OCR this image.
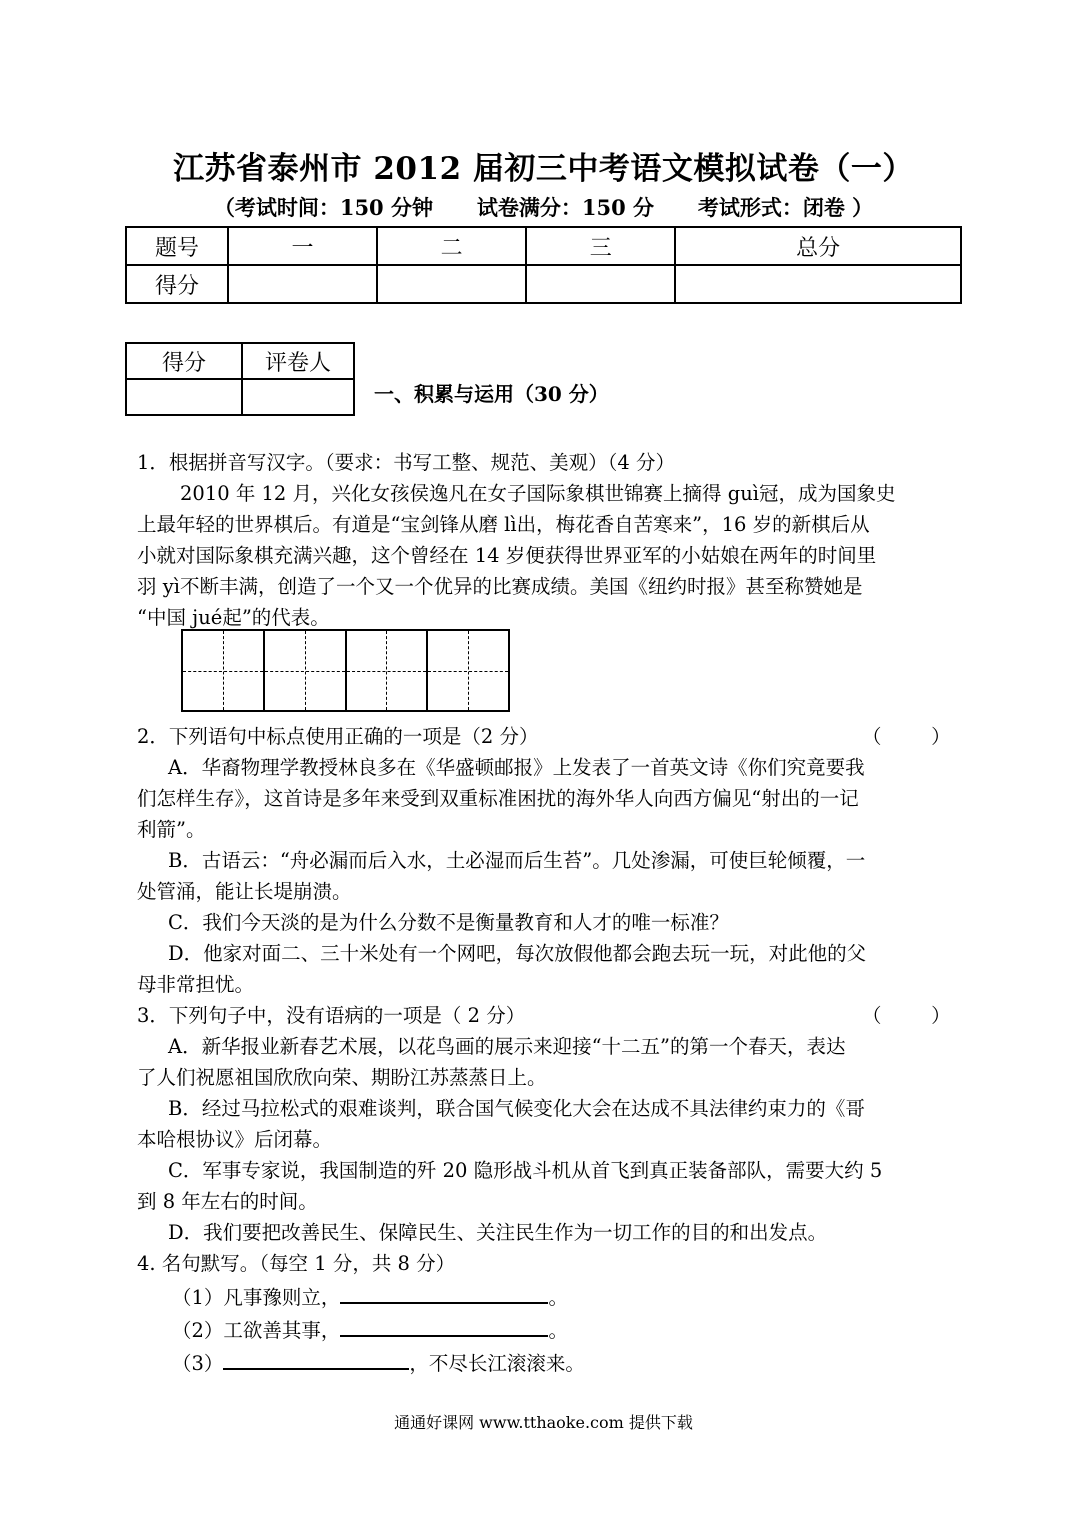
江苏省泰州市 2012 届初三中考语文模拟试卷（一）
（考试时间：150 分钟      试卷满分：150 分      考试形式：闭卷 ）
题号	一	二	三	总分
得分				
得分	评卷人

一、积累与运用（30 分）
1．根据拼音写汉字。（要求：书写工整、规范、美观）（4 分）
2010 年 12 月，兴化女孩侯逸凡在女子国际象棋世锦赛上摘得 guì冠，成为国象史
上最年轻的世界棋后。有道是“宝剑锋从磨 lì出，梅花香自苦寒来”，16 岁的新棋后从
小就对国际象棋充满兴趣，这个曾经在 14 岁便获得世界亚军的小姑娘在两年的时间里
羽 yì不断丰满，创造了一个又一个优异的比赛成绩。美国《纽约时报》甚至称赞她是
“中国 jué起”的代表。
2．下列语句中标点使用正确的一项是（2 分）	（        ）
A．华裔物理学教授林良多在《华盛顿邮报》上发表了一首英文诗《你们究竟要我
们怎样生存》，这首诗是多年来受到双重标准困扰的海外华人向西方偏见“射出的一记
利箭”。
B．古语云：“舟必漏而后入水，土必湿而后生苔”。几处渗漏，可使巨轮倾覆，一
处管涌，能让长堤崩溃。
C．我们今天淡的是为什么分数不是衡量教育和人才的唯一标准？
D．他家对面二、三十米处有一个网吧，每次放假他都会跑去玩一玩，对此他的父
母非常担忧。
3．下列句子中，没有语病的一项是（ 2 分）	（        ）
A．新华报业新春艺术展，以花鸟画的展示来迎接“十二五”的第一个春天，表达
了人们祝愿祖国欣欣向荣、期盼江苏蒸蒸日上。
B．经过马拉松式的艰难谈判，联合国气候变化大会在达成不具法律约束力的《哥
本哈根协议》后闭幕。
C．军事专家说，我国制造的歼 20 隐形战斗机从首飞到真正装备部队，需要大约 5
到 8 年左右的时间。
D．我们要把改善民生、保障民生、关注民生作为一切工作的目的和出发点。
4. 名句默写。（每空 1 分，共 8 分）
（1）凡事豫则立，	。
（2）工欲善其事，	。
（3）	，不尽长江滚滚来。
通通好课网 www.tthaoke.com 提供下载
